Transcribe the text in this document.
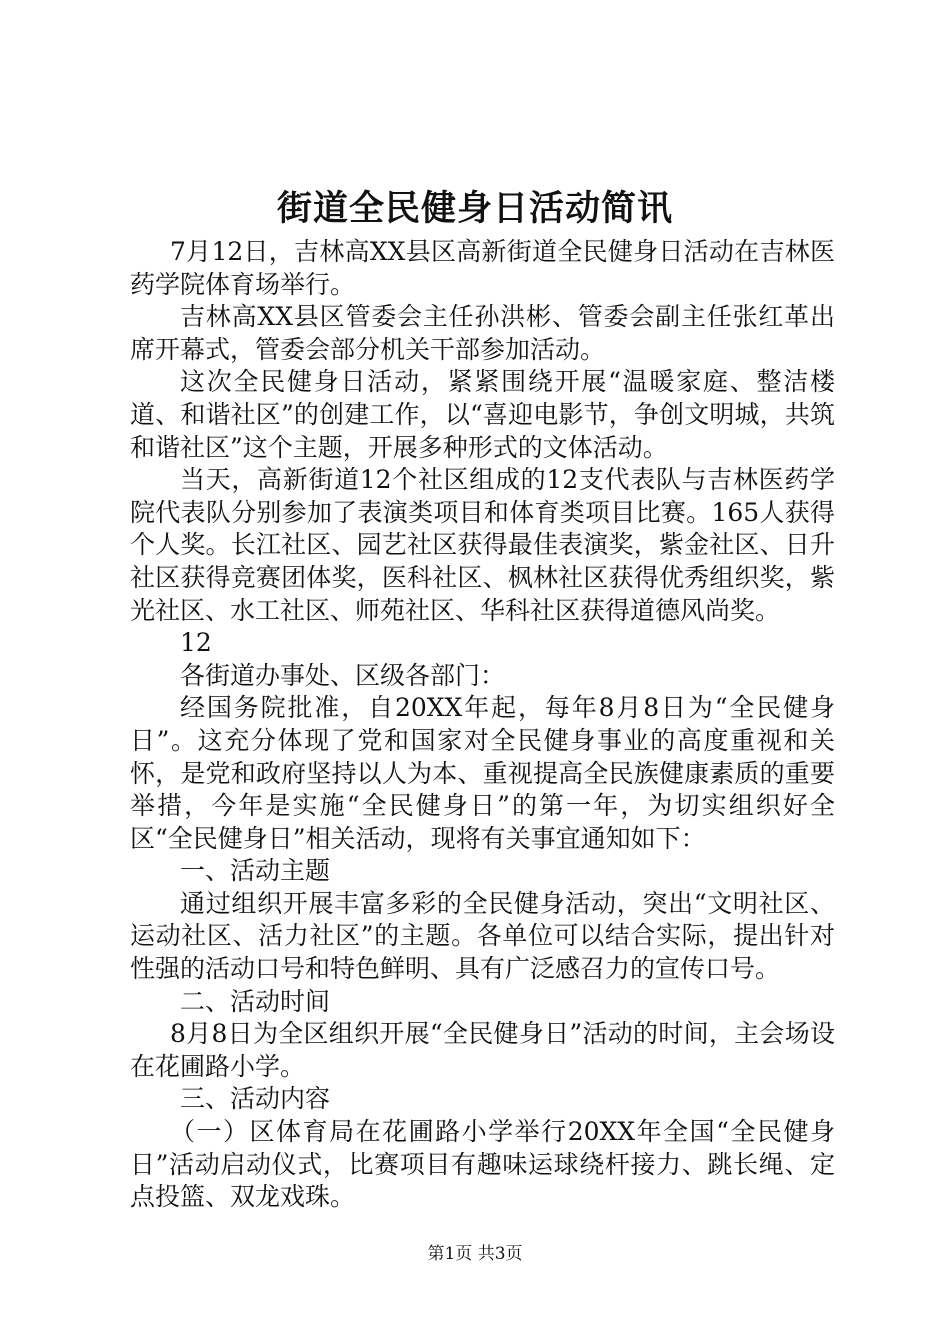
街道全民健身日活动简讯

7月12日，吉林高XX县区高新街道全民健身日活动在吉林医药学院体育场举行。

吉林高XX县区管委会主任孙洪彬、管委会副主任张红革出席开幕式，管委会部分机关干部参加活动。

这次全民健身日活动，紧紧围绕开展“温暖家庭、整洁楼道、和谐社区”的创建工作，以“喜迎电影节，争创文明城，共筑和谐社区”这个主题，开展多种形式的文体活动。

当天，高新街道12个社区组成的12支代表队与吉林医药学院代表队分别参加了表演类项目和体育类项目比赛。165人获得个人奖。长江社区、园艺社区获得最佳表演奖，紫金社区、日升社区获得竞赛团体奖，医科社区、枫林社区获得优秀组织奖，紫光社区、水工社区、师苑社区、华科社区获得道德风尚奖。

12

各街道办事处、区级各部门：

经国务院批准，自20XX年起，每年8月8日为“全民健身日”。这充分体现了党和国家对全民健身事业的高度重视和关怀，是党和政府坚持以人为本、重视提高全民族健康素质的重要举措，今年是实施“全民健身日”的第一年，为切实组织好全区“全民健身日”相关活动，现将有关事宜通知如下：

一、活动主题

通过组织开展丰富多彩的全民健身活动，突出“文明社区、运动社区、活力社区”的主题。各单位可以结合实际，提出针对性强的活动口号和特色鲜明、具有广泛感召力的宣传口号。

二、活动时间

8月8日为全区组织开展“全民健身日”活动的时间，主会场设在花圃路小学。

三、活动内容

（一）区体育局在花圃路小学举行20XX年全国“全民健身日”活动启动仪式，比赛项目有趣味运球绕杆接力、跳长绳、定点投篮、双龙戏珠。

第1页 共3页
